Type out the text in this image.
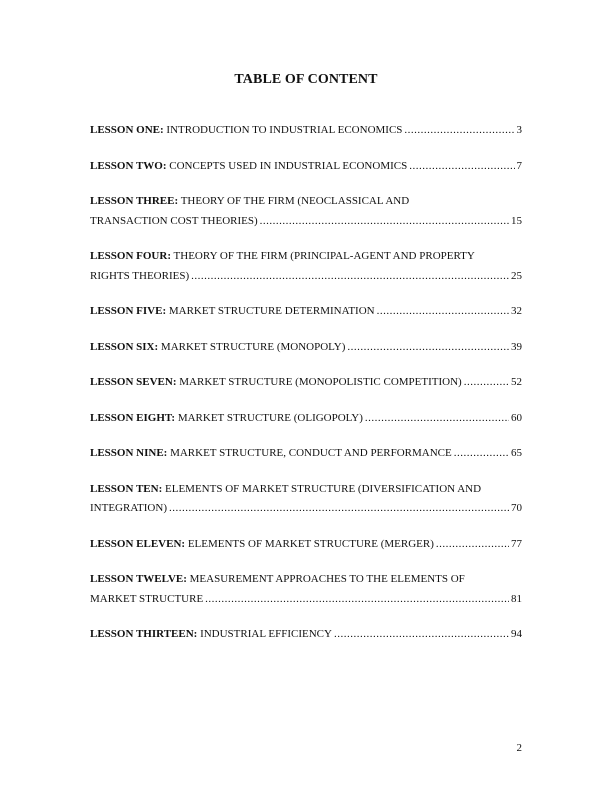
TABLE OF CONTENT
LESSON ONE: INTRODUCTION TO INDUSTRIAL ECONOMICS .....	3
LESSON TWO: CONCEPTS USED IN INDUSTRIAL ECONOMICS .....	7
LESSON THREE: THEORY OF THE FIRM (NEOCLASSICAL AND
TRANSACTION COST THEORIES) .....	15
LESSON FOUR: THEORY OF THE FIRM (PRINCIPAL-AGENT AND PROPERTY
RIGHTS THEORIES) .....	25
LESSON FIVE: MARKET STRUCTURE DETERMINATION .....	32
LESSON SIX: MARKET STRUCTURE (MONOPOLY) .....	39
LESSON SEVEN: MARKET STRUCTURE (MONOPOLISTIC COMPETITION) .....	52
LESSON EIGHT: MARKET STRUCTURE (OLIGOPOLY) .....	60
LESSON NINE: MARKET STRUCTURE, CONDUCT AND PERFORMANCE .....	65
LESSON TEN: ELEMENTS OF MARKET STRUCTURE (DIVERSIFICATION AND
INTEGRATION) .....	70
LESSON ELEVEN: ELEMENTS OF MARKET STRUCTURE (MERGER) .....	77
LESSON TWELVE: MEASUREMENT APPROACHES TO THE ELEMENTS OF
MARKET STRUCTURE .....	81
LESSON THIRTEEN: INDUSTRIAL EFFICIENCY .....	94
2
